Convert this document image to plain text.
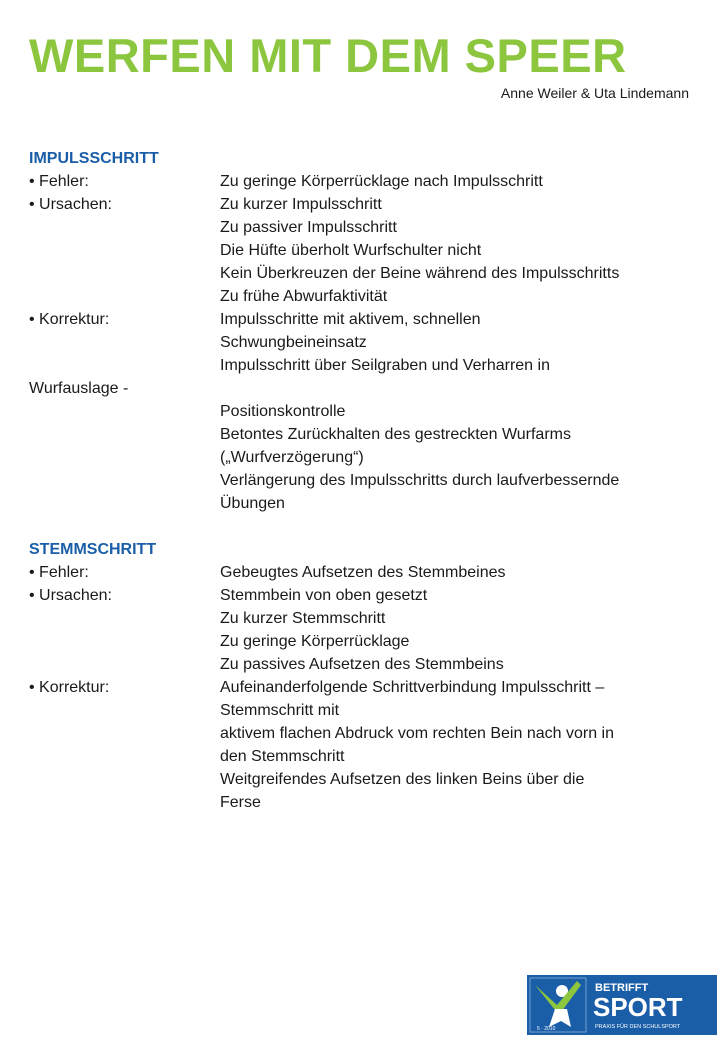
WERFEN MIT DEM SPEER
Anne Weiler & Uta Lindemann
IMPULSSCHRITT
• Fehler:	Zu geringe Körperrücklage nach Impulsschritt
• Ursachen:	Zu kurzer Impulsschritt
Zu passiver Impulsschritt
Die Hüfte überholt Wurfschulter nicht
Kein Überkreuzen der Beine während des Impulsschritts
Zu frühe Abwurfaktivität
• Korrektur:	Impulsschritte mit aktivem, schnellen
Schwungbeineinsatz
Impulsschritt über Seilgraben und Verharren in
Wurfauslage -
Positionskontrolle
Betontes Zurückhalten des gestreckten Wurfarms
(„Wurfverzögerung“)
Verlängerung des Impulsschritts durch laufverbessernde
Übungen
STEMMSCHRITT
• Fehler:	Gebeugtes Aufsetzen des Stemmbeines
• Ursachen:	Stemmbein von oben gesetzt
Zu kurzer Stemmschritt
Zu geringe Körperrücklage
Zu passives Aufsetzen des Stemmbeins
• Korrektur:	Aufeinanderfolgende Schrittverbindung Impulsschritt –
Stemmschritt mit
aktivem flachen Abdruck vom rechten Bein nach vorn in
den Stemmschritt
Weitgreifendes Aufsetzen des linken Beins über die
Ferse
BETRIFFT
SPORT
PRAXIS FÜR DEN SCHULSPORT
5 · 2010
